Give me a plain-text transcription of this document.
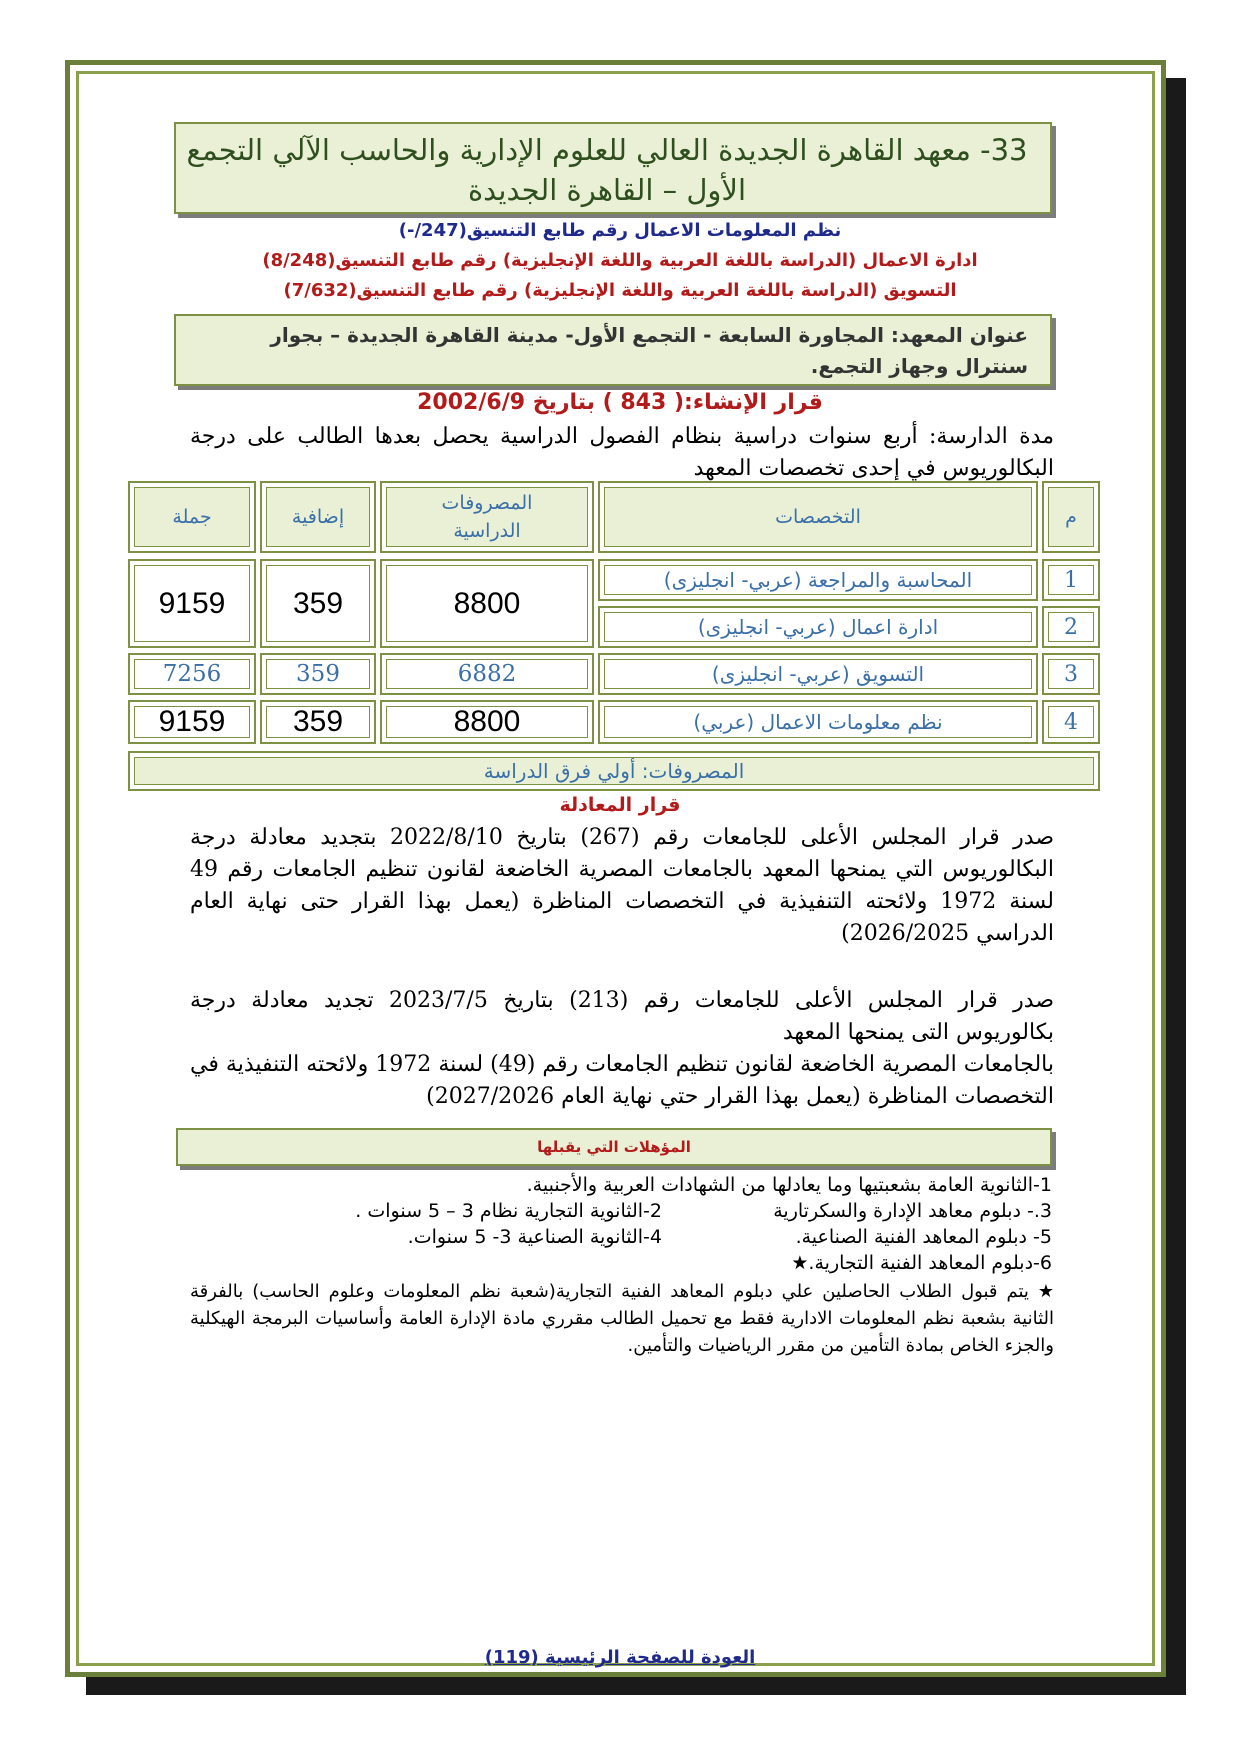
33- معهد القاهرة الجديدة العالي للعلوم الإدارية والحاسب الآلي التجمع الأول – القاهرة الجديدة
نظم المعلومات الاعمال رقم طابع التنسيق(247/-)
ادارة الاعمال (الدراسة باللغة العربية واللغة الإنجليزية) رقم طابع التنسيق(8/248)
التسويق (الدراسة باللغة العربية واللغة الإنجليزية) رقم طابع التنسيق(7/632)
عنوان المعهد: المجاورة السابعة - التجمع الأول- مدينة القاهرة الجديدة – بجوار سنترال وجهاز التجمع.
قرار الإنشاء:( 843 ) بتاريخ 2002/6/9
مدة الدارسة: أربع سنوات دراسية بنظام الفصول الدراسية يحصل بعدها الطالب على درجة البكالوريوس في إحدى تخصصات المعهد
م
التخصصات
المصروفات الدراسية
إضافية
جملة
1
المحاسبة والمراجعة (عربي- انجليزى)
2
ادارة اعمال (عربي- انجليزى)
8800
359
9159
3
التسويق (عربي- انجليزى)
6882
359
7256
4
نظم معلومات الاعمال (عربي)
8800
359
9159
المصروفات: أولي فرق الدراسة
قرار المعادلة
صدر قرار المجلس الأعلى للجامعات رقم (267) بتاريخ 2022/8/10 بتجديد معادلة درجة البكالوريوس التي يمنحها المعهد بالجامعات المصرية الخاضعة لقانون تنظيم الجامعات رقم 49 لسنة 1972 ولائحته التنفيذية في التخصصات المناظرة (يعمل بهذا القرار حتى نهاية العام الدراسي 2026/2025)
صدر قرار المجلس الأعلى للجامعات رقم (213) بتاريخ 2023/7/5 تجديد معادلة درجة بكالوريوس التى يمنحها المعهد
بالجامعات المصرية الخاضعة لقانون تنظيم الجامعات رقم (49) لسنة 1972 ولائحته التنفيذية في التخصصات المناظرة (يعمل بهذا القرار حتي نهاية العام 2027/2026)
المؤهلات التي يقبلها
1-الثانوية العامة بشعبتيها وما يعادلها من الشهادات العربية والأجنبية.
2-الثانوية التجارية نظام 3 – 5 سنوات .	3.- دبلوم معاهد الإدارة والسكرتارية
4-الثانوية الصناعية 3- 5 سنوات.	5- دبلوم المعاهد الفنية الصناعية.
6-دبلوم المعاهد الفنية التجارية.★
★ يتم قبول الطلاب الحاصلين علي دبلوم المعاهد الفنية التجارية(شعبة نظم المعلومات وعلوم الحاسب) بالفرقة الثانية بشعبة نظم المعلومات الادارية فقط مع تحميل الطالب مقرري مادة الإدارة العامة وأساسيات البرمجة الهيكلية والجزء الخاص بمادة التأمين من مقرر الرياضيات والتأمين.
العودة للصفحة الرئيسية (119)
